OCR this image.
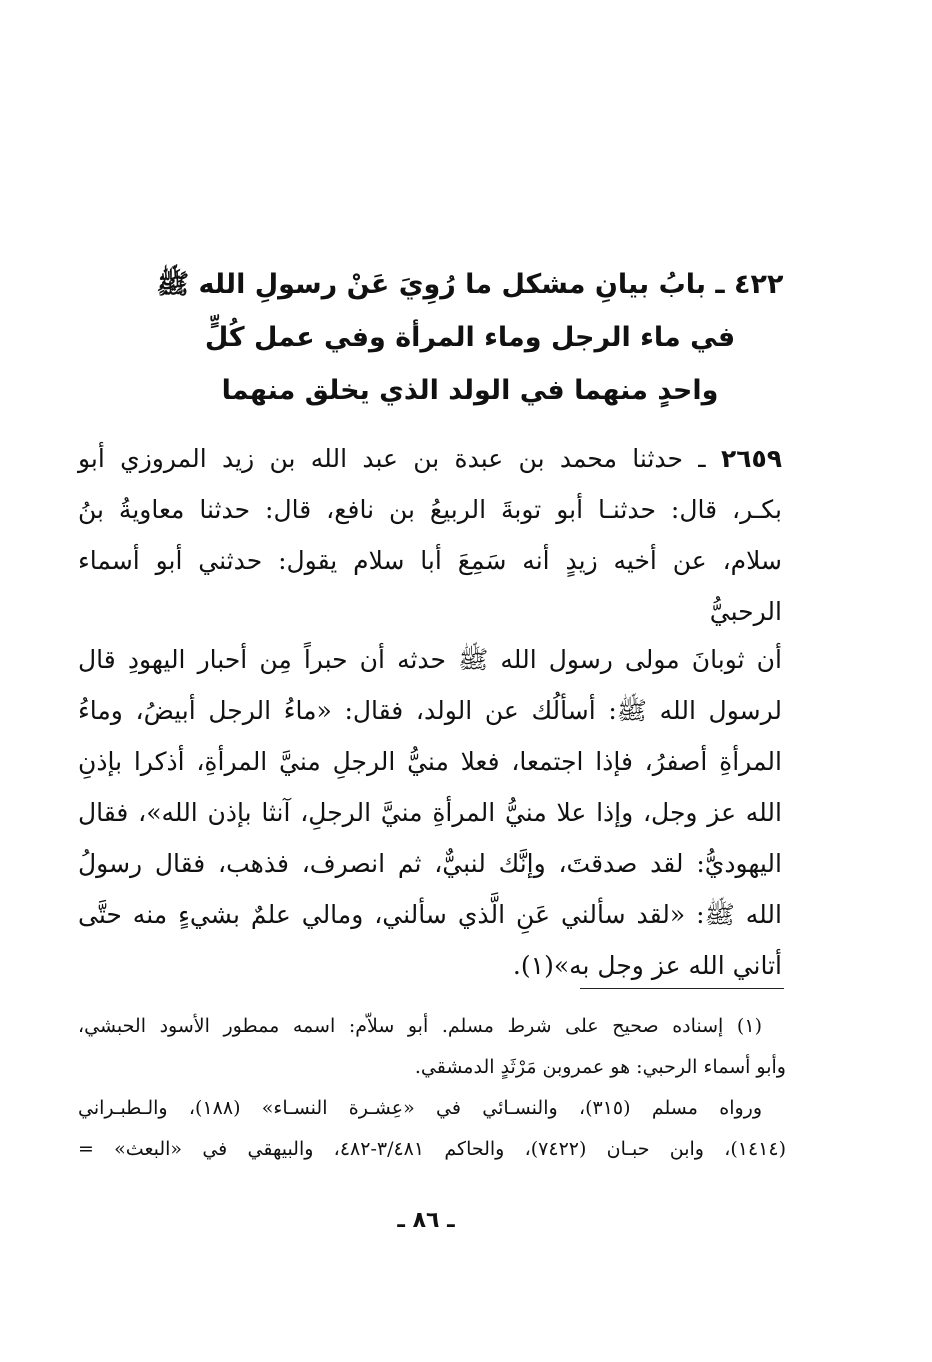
٤٢٢ ـ بابُ بيانِ مشكل ما رُوِيَ عَنْ رسولِ الله ﷺ
في ماء الرجل وماء المرأة وفي عمل كُلٍّ
واحدٍ منهما في الولد الذي يخلق منهما
٢٦٥٩ ـ حدثنا محمد بن عبدة بن عبد الله بن زيد المروزي أبو
بكـر، قال: حدثنـا أبو توبةَ الربيعُ بن نافع، قال: حدثنا معاويةُ بنُ
سلام، عن أخيه زيدٍ أنه سَمِعَ أبا سلام يقول: حدثني أبو أسماء
الرحبيُّ
أن ثوبانَ مولى رسول الله ﷺ حدثه أن حبراً مِن أحبار اليهودِ قال
لرسول الله ﷺ: أسألُك عن الولد، فقال: «ماءُ الرجل أبيضُ، وماءُ
المرأةِ أصفرُ، فإذا اجتمعا، فعلا منيُّ الرجلِ منيَّ المرأةِ، أذكرا بإذنِ
الله عز وجل، وإذا علا منيُّ المرأةِ منيَّ الرجلِ، آنثا بإذن الله»، فقال
اليهوديُّ: لقد صدقتَ، وإنَّك لنبيٌّ، ثم انصرف، فذهب، فقال رسولُ
الله ﷺ: «لقد سألني عَنِ الَّذي سألني، ومالي علمٌ بشيءٍ منه حتَّى
أتاني الله عز وجل به»(١).
(١) إسناده صحيح على شرط مسلم. أبو سلاّم: اسمه ممطور الأسود الحبشي،
وأبو أسماء الرحبي: هو عمروبن مَرْثَدٍ الدمشقي.
ورواه مسلم (٣١٥)، والنسـائي في «عِشـرة النسـاء» (١٨٨)، والـطبـراني
(١٤١٤)، وابن حبـان (٧٤٢٢)، والحاكم ٣/٤٨١-٤٨٢، والبيهقي في «البعث» =
ـ ٨٦ ـ
